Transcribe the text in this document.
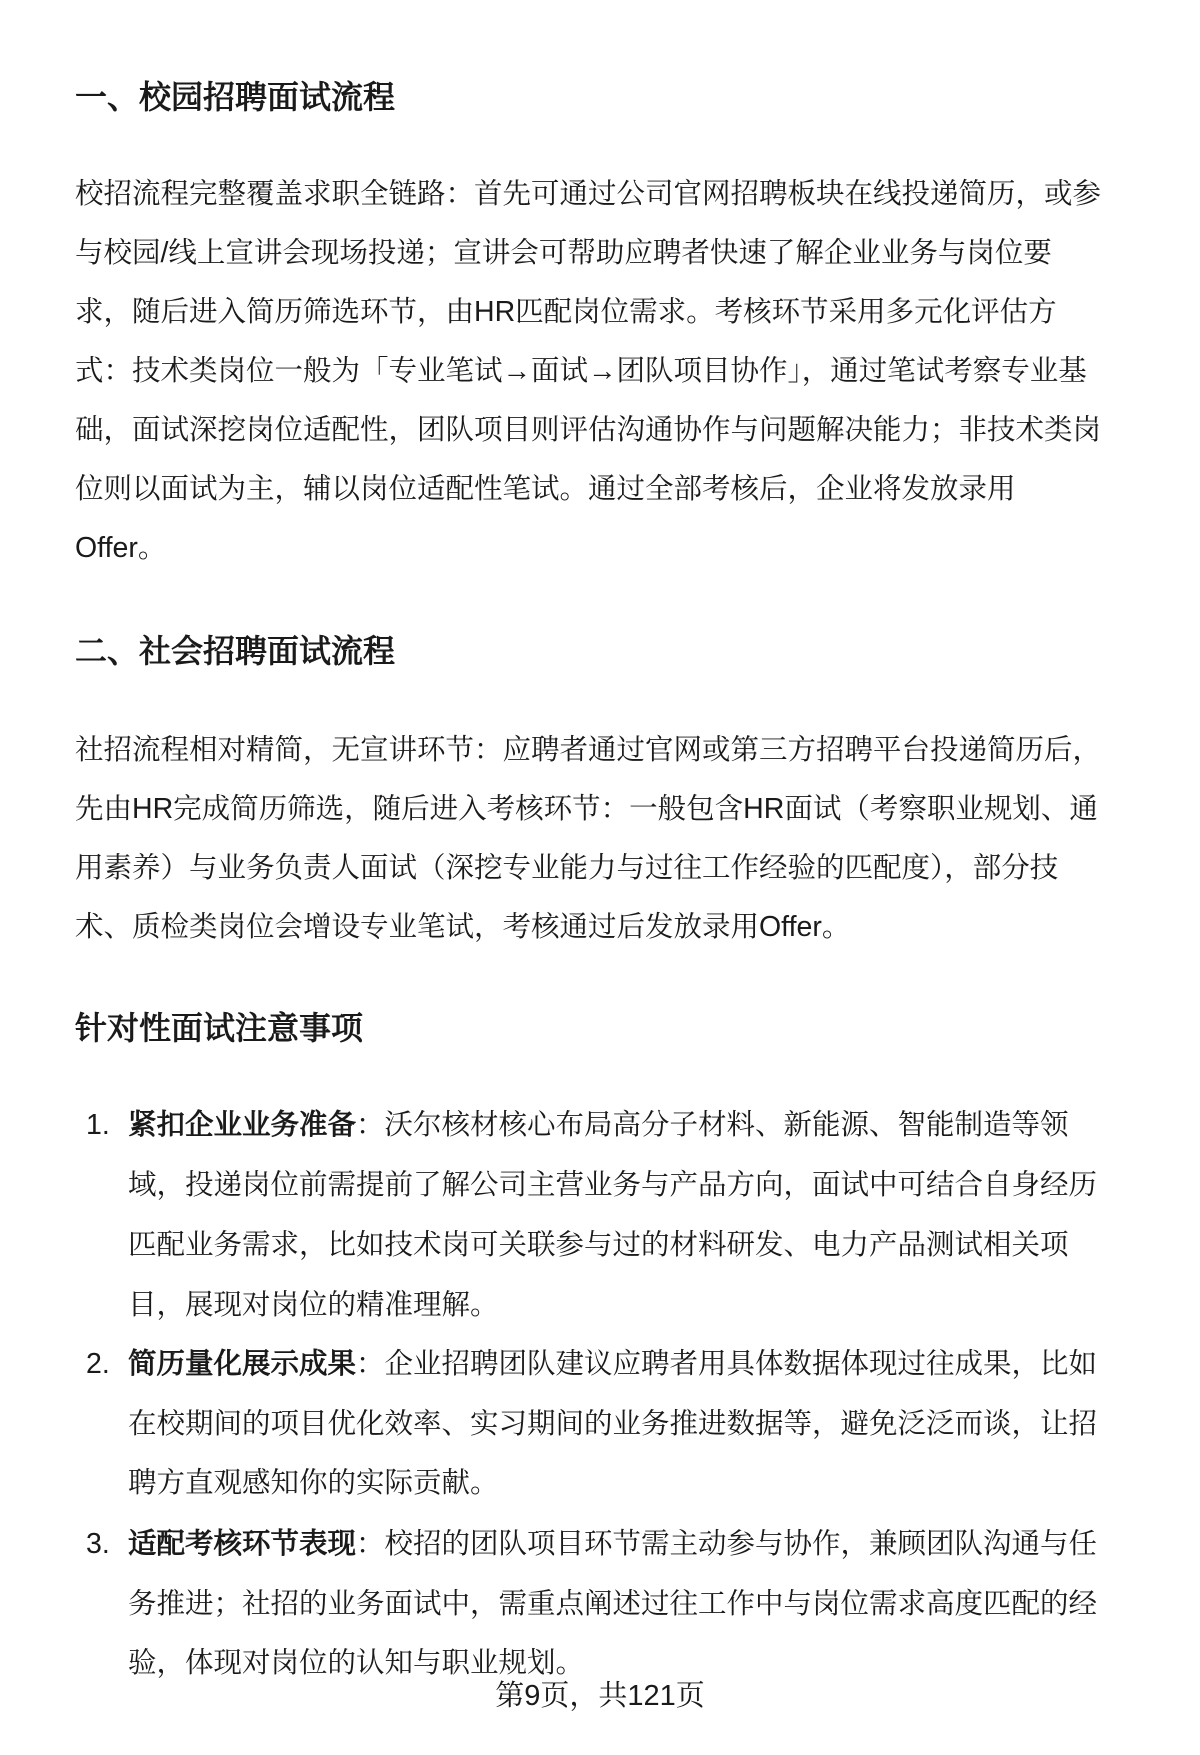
一、校园招聘面试流程
校招流程完整覆盖求职全链路：首先可通过公司官网招聘板块在线投递简历，或参
与校园/线上宣讲会现场投递；宣讲会可帮助应聘者快速了解企业业务与岗位要
求，随后进入简历筛选环节，由HR匹配岗位需求。考核环节采用多元化评估方
式：技术类岗位一般为「专业笔试→面试→团队项目协作」，通过笔试考察专业基
础，面试深挖岗位适配性，团队项目则评估沟通协作与问题解决能力；非技术类岗
位则以面试为主，辅以岗位适配性笔试。通过全部考核后，企业将发放录用
Offer。
二、社会招聘面试流程
社招流程相对精简，无宣讲环节：应聘者通过官网或第三方招聘平台投递简历后，
先由HR完成简历筛选，随后进入考核环节：一般包含HR面试（考察职业规划、通
用素养）与业务负责人面试（深挖专业能力与过往工作经验的匹配度），部分技
术、质检类岗位会增设专业笔试，考核通过后发放录用Offer。
针对性面试注意事项
1. 紧扣企业业务准备：沃尔核材核心布局高分子材料、新能源、智能制造等领
域，投递岗位前需提前了解公司主营业务与产品方向，面试中可结合自身经历
匹配业务需求，比如技术岗可关联参与过的材料研发、电力产品测试相关项
目，展现对岗位的精准理解。
2. 简历量化展示成果：企业招聘团队建议应聘者用具体数据体现过往成果，比如
在校期间的项目优化效率、实习期间的业务推进数据等，避免泛泛而谈，让招
聘方直观感知你的实际贡献。
3. 适配考核环节表现：校招的团队项目环节需主动参与协作，兼顾团队沟通与任
务推进；社招的业务面试中，需重点阐述过往工作中与岗位需求高度匹配的经
验，体现对岗位的认知与职业规划。
第9页，共121页
